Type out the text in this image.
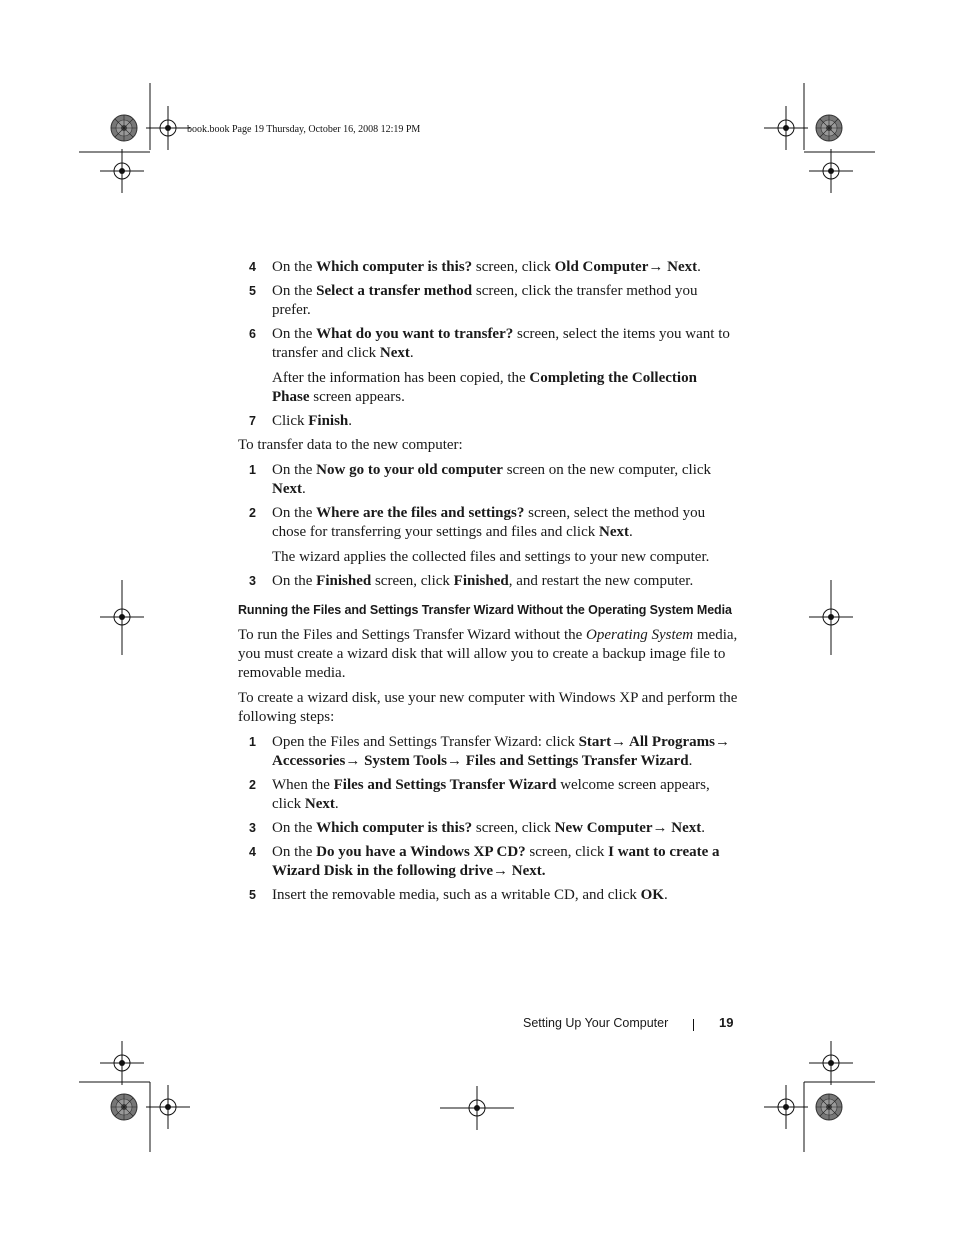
book.book Page 19 Thursday, October 16, 2008 12:19 PM
4 On the Which computer is this? screen, click Old Computer→ Next.
5 On the Select a transfer method screen, click the transfer method you prefer.
6 On the What do you want to transfer? screen, select the items you want to transfer and click Next.
After the information has been copied, the Completing the Collection Phase screen appears.
7 Click Finish.

To transfer data to the new computer:

1 On the Now go to your old computer screen on the new computer, click Next.
2 On the Where are the files and settings? screen, select the method you chose for transferring your settings and files and click Next.
The wizard applies the collected files and settings to your new computer.
3 On the Finished screen, click Finished, and restart the new computer.
Running the Files and Settings Transfer Wizard Without the Operating System Media

To run the Files and Settings Transfer Wizard without the Operating System media, you must create a wizard disk that will allow you to create a backup image file to removable media.

To create a wizard disk, use your new computer with Windows XP and perform the following steps:

1 Open the Files and Settings Transfer Wizard: click Start→ All Programs→ Accessories→ System Tools→ Files and Settings Transfer Wizard.
2 When the Files and Settings Transfer Wizard welcome screen appears, click Next.
3 On the Which computer is this? screen, click New Computer→ Next.
4 On the Do you have a Windows XP CD? screen, click I want to create a Wizard Disk in the following drive→ Next.
5 Insert the removable media, such as a writable CD, and click OK.
Setting Up Your Computer	19
